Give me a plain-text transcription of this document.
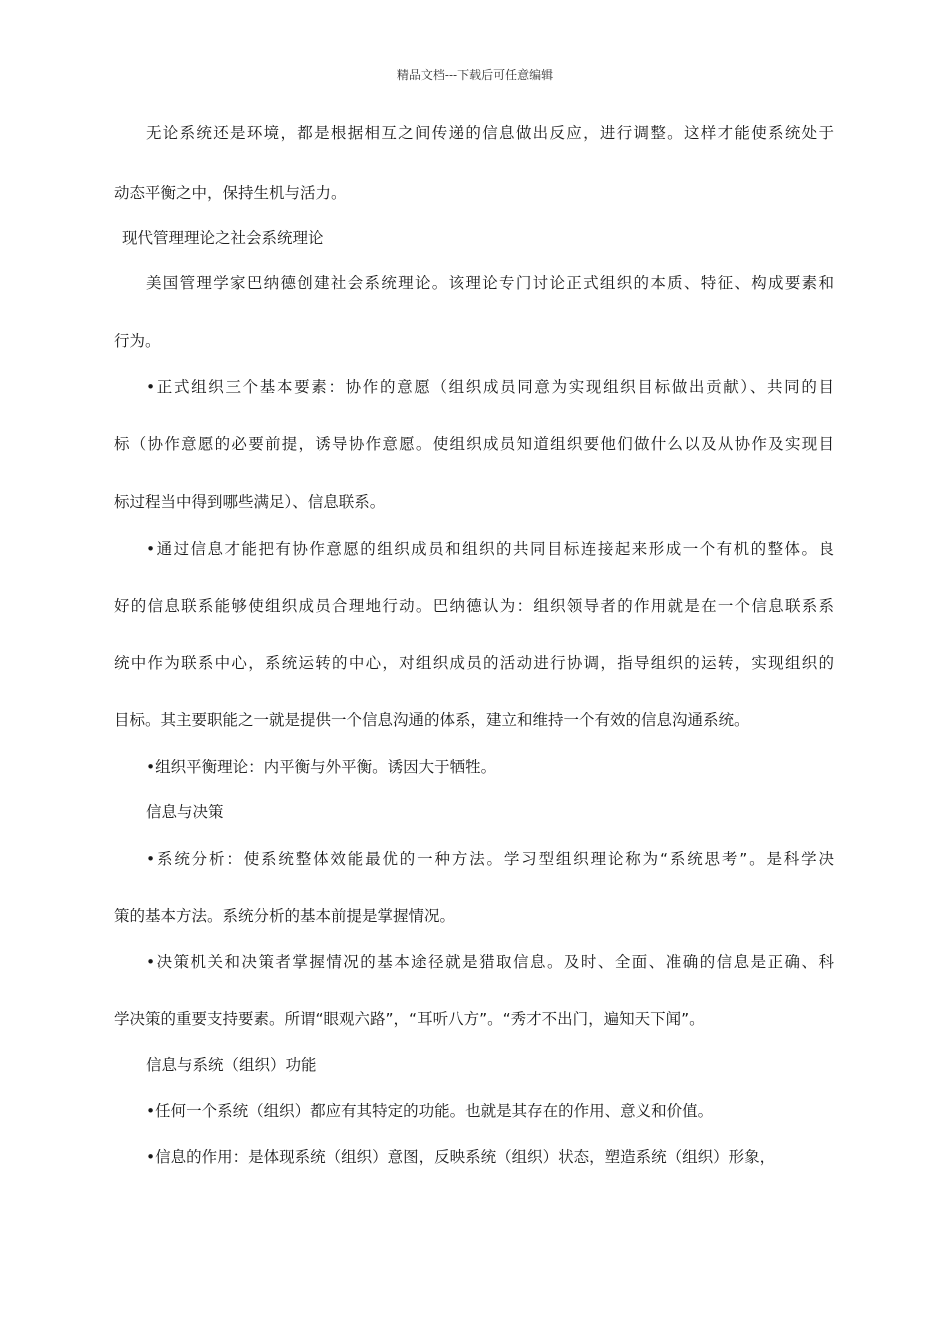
精品文档---下载后可任意编辑
无论系统还是环境，都是根据相互之间传递的信息做出反应，进行调整。这样才能使系统处于
动态平衡之中，保持生机与活力。
现代管理理论之社会系统理论
美国管理学家巴纳德创建社会系统理论。该理论专门讨论正式组织的本质、特征、构成要素和
行为。
•正式组织三个基本要素：协作的意愿（组织成员同意为实现组织目标做出贡献）、共同的目
标（协作意愿的必要前提，诱导协作意愿。使组织成员知道组织要他们做什么以及从协作及实现目
标过程当中得到哪些满足）、信息联系。
•通过信息才能把有协作意愿的组织成员和组织的共同目标连接起来形成一个有机的整体。良
好的信息联系能够使组织成员合理地行动。巴纳德认为：组织领导者的作用就是在一个信息联系系
统中作为联系中心，系统运转的中心，对组织成员的活动进行协调，指导组织的运转，实现组织的
目标。其主要职能之一就是提供一个信息沟通的体系，建立和维持一个有效的信息沟通系统。
•组织平衡理论：内平衡与外平衡。诱因大于牺牲。
信息与决策
•系统分析：使系统整体效能最优的一种方法。学习型组织理论称为“系统思考”。是科学决
策的基本方法。系统分析的基本前提是掌握情况。
•决策机关和决策者掌握情况的基本途径就是猎取信息。及时、全面、准确的信息是正确、科
学决策的重要支持要素。所谓“眼观六路”，“耳听八方”。“秀才不出门，遍知天下闻”。
信息与系统（组织）功能
•任何一个系统（组织）都应有其特定的功能。也就是其存在的作用、意义和价值。
•信息的作用：是体现系统（组织）意图，反映系统（组织）状态，塑造系统（组织）形象，
